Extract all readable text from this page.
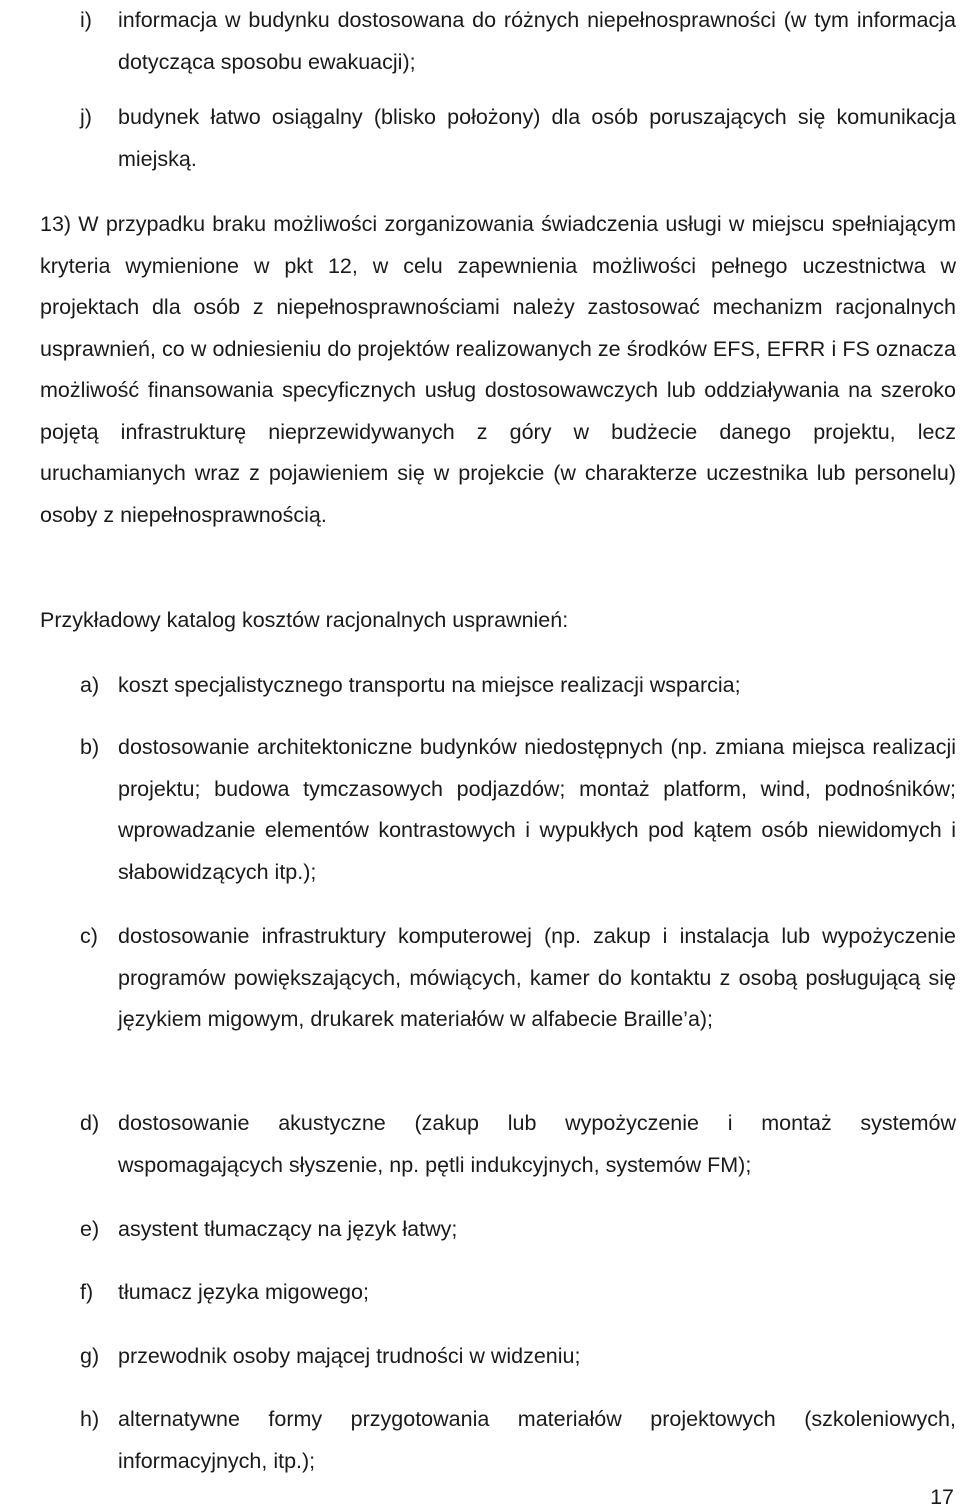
i) informacja w budynku dostosowana do różnych niepełnosprawności (w tym informacja dotycząca sposobu ewakuacji);
j) budynek łatwo osiągalny (blisko położony) dla osób poruszających się komunikacja miejską.
13) W przypadku braku możliwości zorganizowania świadczenia usługi w miejscu spełniającym kryteria wymienione w pkt 12, w celu zapewnienia możliwości pełnego uczestnictwa w projektach dla osób z niepełnosprawnościami należy zastosować mechanizm racjonalnych usprawnień, co w odniesieniu do projektów realizowanych ze środków EFS, EFRR i FS oznacza możliwość finansowania specyficznych usług dostosowawczych lub oddziaływania na szeroko pojętą infrastrukturę nieprzewidywanych z góry w budżecie danego projektu, lecz uruchamianych wraz z pojawieniem się w projekcie (w charakterze uczestnika lub personelu) osoby z niepełnosprawnością.
Przykładowy katalog kosztów racjonalnych usprawnień:
a) koszt specjalistycznego transportu na miejsce realizacji wsparcia;
b) dostosowanie architektoniczne budynków niedostępnych (np. zmiana miejsca realizacji projektu; budowa tymczasowych podjazdów; montaż platform, wind, podnośników; wprowadzanie elementów kontrastowych i wypukłych pod kątem osób niewidomych i słabowidzących itp.);
c) dostosowanie infrastruktury komputerowej (np. zakup i instalacja lub wypożyczenie programów powiększających, mówiących, kamer do kontaktu z osobą posługującą się językiem migowym, drukarek materiałów w alfabecie Braille’a);
d) dostosowanie akustyczne (zakup lub wypożyczenie i montaż systemów wspomagających słyszenie, np. pętli indukcyjnych, systemów FM);
e) asystent tłumaczący na język łatwy;
f) tłumacz języka migowego;
g) przewodnik osoby mającej trudności w widzeniu;
h) alternatywne formy przygotowania materiałów projektowych (szkoleniowych, informacyjnych, itp.);
17
